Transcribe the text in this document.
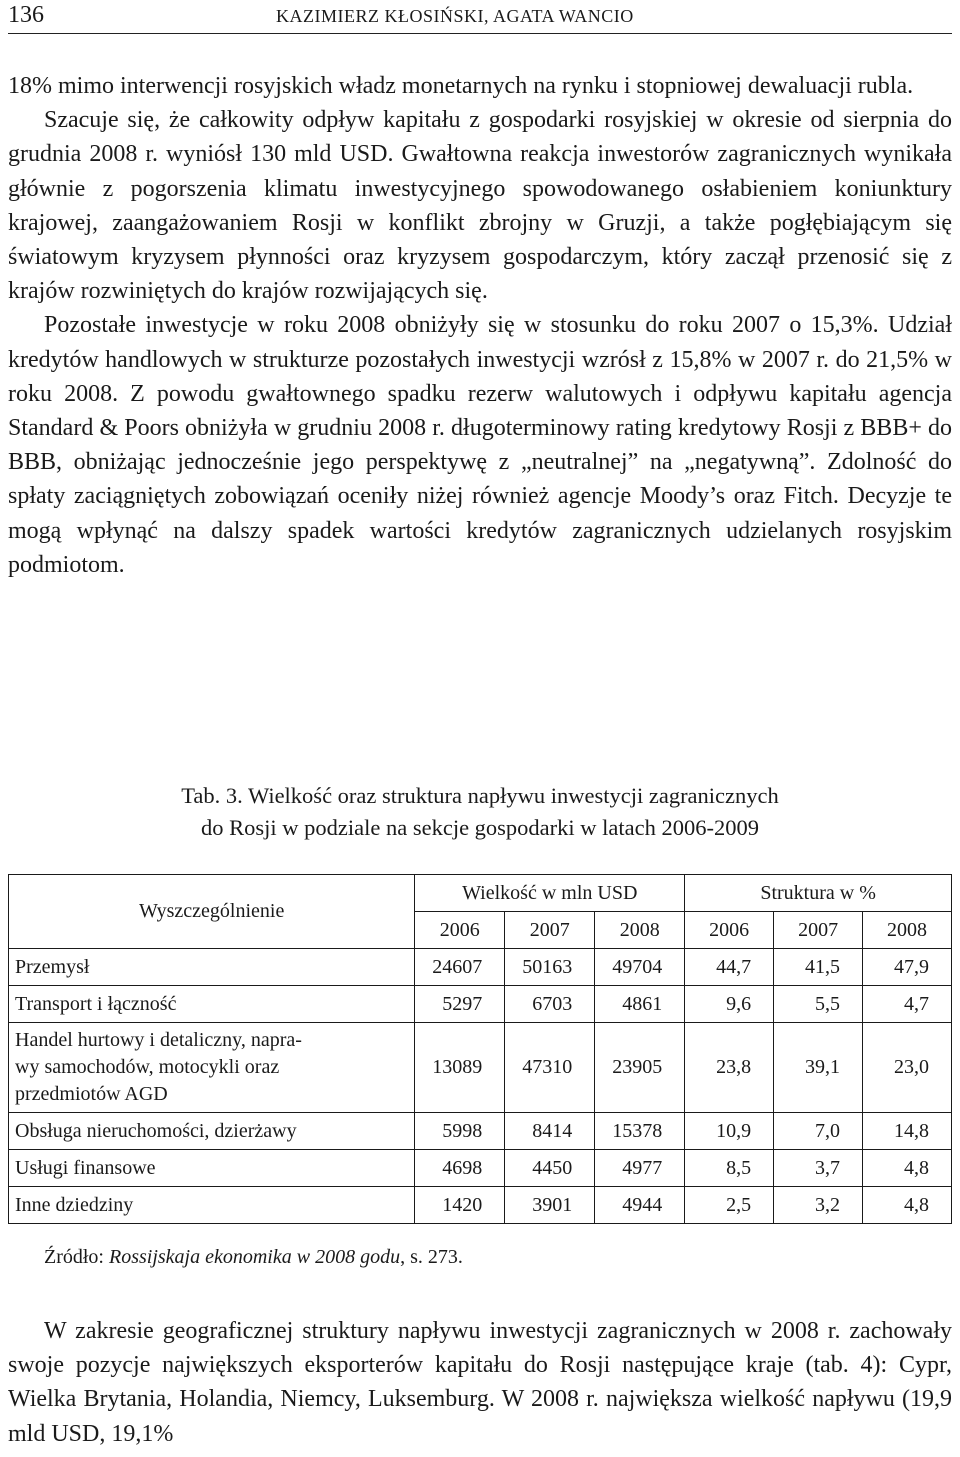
136	KAZIMIERZ KŁOSIŃSKI, AGATA WANCIO

18% mimo interwencji rosyjskich władz monetarnych na rynku i stopniowej dewaluacji rubla.

Szacuje się, że całkowity odpływ kapitału z gospodarki rosyjskiej w okresie od sierpnia do grudnia 2008 r. wyniósł 130 mld USD. Gwałtowna reakcja inwestorów zagranicznych wynikała głównie z pogorszenia klimatu inwestycyjnego spowodowanego osłabieniem koniunktury krajowej, zaangażowaniem Rosji w konflikt zbrojny w Gruzji, a także pogłębiającym się światowym kryzysem płynności oraz kryzysem gospodarczym, który zaczął przenosić się z krajów rozwiniętych do krajów rozwijających się.

Pozostałe inwestycje w roku 2008 obniżyły się w stosunku do roku 2007 o 15,3%. Udział kredytów handlowych w strukturze pozostałych inwestycji wzrósł z 15,8% w 2007 r. do 21,5% w roku 2008. Z powodu gwałtownego spadku rezerw walutowych i odpływu kapitału agencja Standard & Poors obniżyła w grudniu 2008 r. długoterminowy rating kredytowy Rosji z BBB+ do BBB, obniżając jednocześnie jego perspektywę z „neutralnej” na „negatywną”. Zdolność do spłaty zaciągniętych zobowiązań oceniły niżej również agencje Moody’s oraz Fitch. Decyzje te mogą wpłynąć na dalszy spadek wartości kredytów zagranicznych udzielanych rosyjskim podmiotom.

Tab. 3. Wielkość oraz struktura napływu inwestycji zagranicznych
do Rosji w podziale na sekcje gospodarki w latach 2006-2009
Wyszczególnienie	Wielkość w mln USD			Struktura w %		
	2006	2007	2008	2006	2007	2008
Przemysł	24607	50163	49704	44,7	41,5	47,9
Transport i łączność	5297	6703	4861	9,6	5,5	4,7

Handel hurtowy i detaliczny, napra-
wy samochodów, motocykli oraz
przedmiotów AGD	13089	47310	23905	23,8	39,1	23,0
Obsługa nieruchomości, dzierżawy	5998	8414	15378	10,9	7,0	14,8
Usługi finansowe	4698	4450	4977	8,5	3,7	4,8
Inne dziedziny	1420	3901	4944	2,5	3,2	4,8
Źródło: Rossijskaja ekonomika w 2008 godu, s. 273.

W zakresie geograficznej struktury napływu inwestycji zagranicznych w 2008 r. zachowały swoje pozycje największych eksporterów kapitału do Rosji następujące kraje (tab. 4): Cypr, Wielka Brytania, Holandia, Niemcy, Luksemburg. W 2008 r. największa wielkość napływu (19,9 mld USD, 19,1%
